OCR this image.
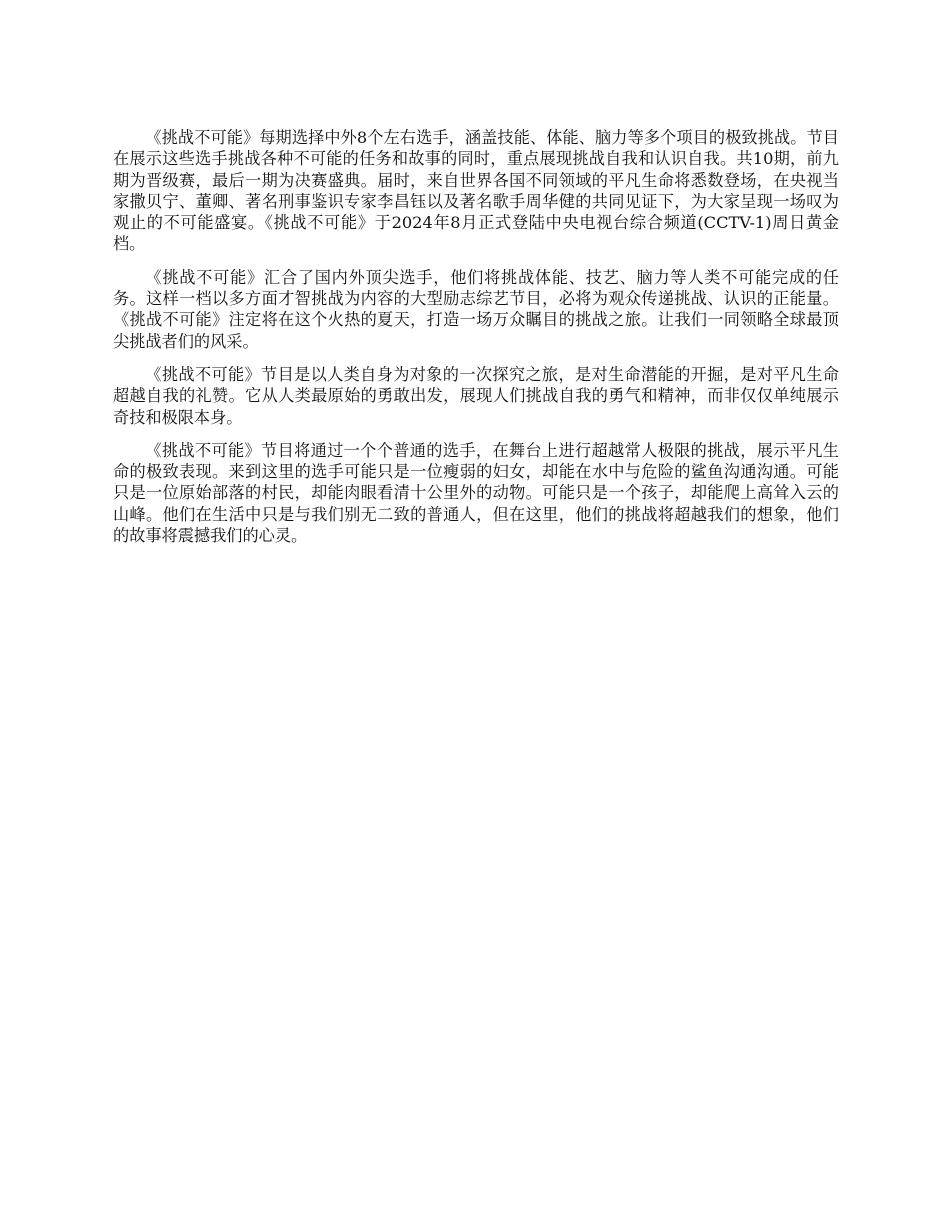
《挑战不可能》每期选择中外8个左右选手，涵盖技能、体能、脑力等多个项目的极致挑战。节目在展示这些选手挑战各种不可能的任务和故事的同时，重点展现挑战自我和认识自我。共10期，前九期为晋级赛，最后一期为决赛盛典。届时，来自世界各国不同领域的平凡生命将悉数登场，在央视当家撒贝宁、董卿、著名刑事鉴识专家李昌钰以及著名歌手周华健的共同见证下，为大家呈现一场叹为观止的不可能盛宴。《挑战不可能》于2024年8月正式登陆中央电视台综合频道(CCTV-1)周日黄金档。

《挑战不可能》汇合了国内外顶尖选手，他们将挑战体能、技艺、脑力等人类不可能完成的任务。这样一档以多方面才智挑战为内容的大型励志综艺节目，必将为观众传递挑战、认识的正能量。《挑战不可能》注定将在这个火热的夏天，打造一场万众瞩目的挑战之旅。让我们一同领略全球最顶尖挑战者们的风采。

《挑战不可能》节目是以人类自身为对象的一次探究之旅，是对生命潜能的开掘，是对平凡生命超越自我的礼赞。它从人类最原始的勇敢出发，展现人们挑战自我的勇气和精神，而非仅仅单纯展示奇技和极限本身。

《挑战不可能》节目将通过一个个普通的选手，在舞台上进行超越常人极限的挑战，展示平凡生命的极致表现。来到这里的选手可能只是一位瘦弱的妇女，却能在水中与危险的鲨鱼沟通沟通。可能只是一位原始部落的村民，却能肉眼看清十公里外的动物。可能只是一个孩子，却能爬上高耸入云的山峰。他们在生活中只是与我们别无二致的普通人，但在这里，他们的挑战将超越我们的想象，他们的故事将震撼我们的心灵。
